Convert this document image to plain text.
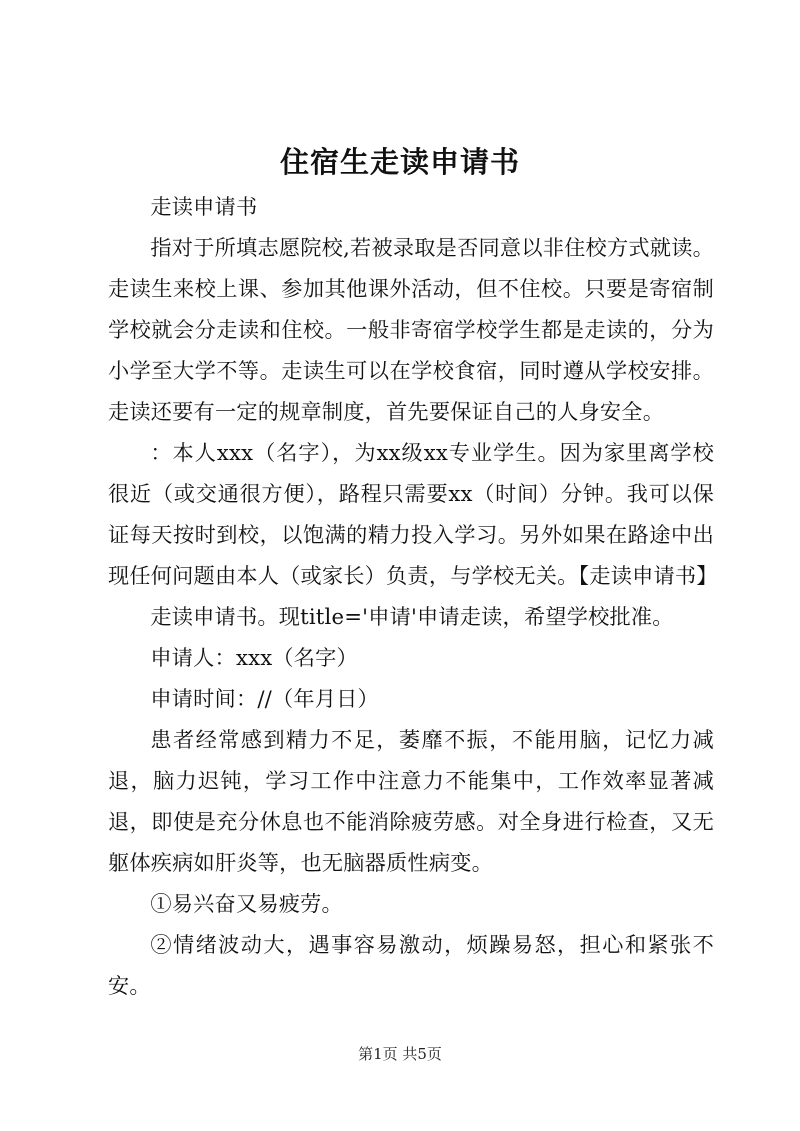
住宿生走读申请书

走读申请书

指对于所填志愿院校,若被录取是否同意以非住校方式就读。走读生来校上课、参加其他课外活动，但不住校。只要是寄宿制学校就会分走读和住校。一般非寄宿学校学生都是走读的，分为小学至大学不等。走读生可以在学校食宿，同时遵从学校安排。走读还要有一定的规章制度，首先要保证自己的人身安全。

：本人xxx（名字），为xx级xx专业学生。因为家里离学校很近（或交通很方便），路程只需要xx（时间）分钟。我可以保证每天按时到校，以饱满的精力投入学习。另外如果在路途中出现任何问题由本人（或家长）负责，与学校无关。【走读申请书】

走读申请书。现title='申请'申请走读，希望学校批准。

申请人：xxx（名字）

申请时间：//（年月日）

患者经常感到精力不足，萎靡不振，不能用脑，记忆力减退，脑力迟钝，学习工作中注意力不能集中，工作效率显著减退，即使是充分休息也不能消除疲劳感。对全身进行检查，又无躯体疾病如肝炎等，也无脑器质性病变。

①易兴奋又易疲劳。

②情绪波动大，遇事容易激动，烦躁易怒，担心和紧张不安。

第1页 共5页
